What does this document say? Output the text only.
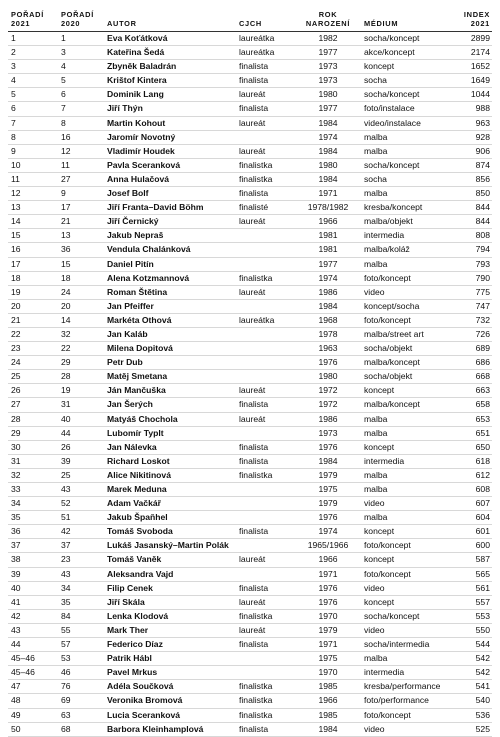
POŘADÍ
2021	POŘADÍ
2020	AUTOR	CJCH	ROK
NAROZENÍ	MÉDIUM	INDEX
2021

1	1	Eva Koťátková	laureátka	1982	socha/koncept	2899
2	3	Kateřina Šedá	laureátka	1977	akce/koncept	2174
3	4	Zbyněk Baladrán	finalista	1973	koncept	1652
4	5	Krištof Kintera	finalista	1973	socha	1649
5	6	Dominik Lang	laureát	1980	socha/koncept	1044
6	7	Jiří Thýn	finalista	1977	foto/instalace	988
7	8	Martin Kohout	laureát	1984	video/instalace	963
8	16	Jaromír Novotný		1974	malba	928
9	12	Vladimír Houdek	laureát	1984	malba	906
10	11	Pavla Sceranková	finalistka	1980	socha/koncept	874
11	27	Anna Hulačová	finalistka	1984	socha	856
12	9	Josef Bolf	finalista	1971	malba	850
13	17	Jiří Franta–David Böhm	finalisté	1978/1982	kresba/koncept	844
14	21	Jiří Černický	laureát	1966	malba/objekt	844
15	13	Jakub Nepraš		1981	intermedia	808
16	36	Vendula Chalánková		1981	malba/koláž	794
17	15	Daniel Pitín		1977	malba	793
18	18	Alena Kotzmannová	finalistka	1974	foto/koncept	790
19	24	Roman Štětina	laureát	1986	video	775
20	20	Jan Pfeiffer		1984	koncept/socha	747
21	14	Markéta Othová	laureátka	1968	foto/koncept	732
22	32	Jan Kaláb		1978	malba/street art	726
23	22	Milena Dopitová		1963	socha/objekt	689
24	29	Petr Dub		1976	malba/koncept	686
25	28	Matěj Smetana		1980	socha/objekt	668
26	19	Ján Mančuška	laureát	1972	koncept	663
27	31	Jan Šerých	finalista	1972	malba/koncept	658
28	40	Matyáš Chochola	laureát	1986	malba	653
29	44	Lubomír Typlt		1973	malba	651
30	26	Jan Nálevka	finalista	1976	koncept	650
31	39	Richard Loskot	finalista	1984	intermedia	618
32	25	Alice Nikitinová	finalistka	1979	malba	612
33	43	Marek Meduna		1975	malba	608
34	52	Adam Vačkář		1979	video	607
35	51	Jakub Špaňhel		1976	malba	604
36	42	Tomáš Svoboda	finalista	1974	koncept	601
37	37	Lukáš Jasanský–Martin Polák		1965/1966	foto/koncept	600
38	23	Tomáš Vaněk	laureát	1966	koncept	587
39	43	Aleksandra Vajd		1971	foto/koncept	565
40	34	Filip Cenek	finalista	1976	video	561
41	35	Jiří Skála	laureát	1976	koncept	557
42	84	Lenka Klodová	finalistka	1970	socha/koncept	553
43	55	Mark Ther	laureát	1979	video	550
44	57	Federico Díaz	finalista	1971	socha/intermedia	544
45–46	53	Patrik Hábl		1975	malba	542
45–46	46	Pavel Mrkus		1970	intermedia	542
47	76	Adéla Součková	finalistka	1985	kresba/performance	541
48	69	Veronika Bromová	finalistka	1966	foto/performance	540
49	63	Lucia Sceranková	finalistka	1985	foto/koncept	536
50	68	Barbora Kleinhamplová	finalista	1984	video	525
